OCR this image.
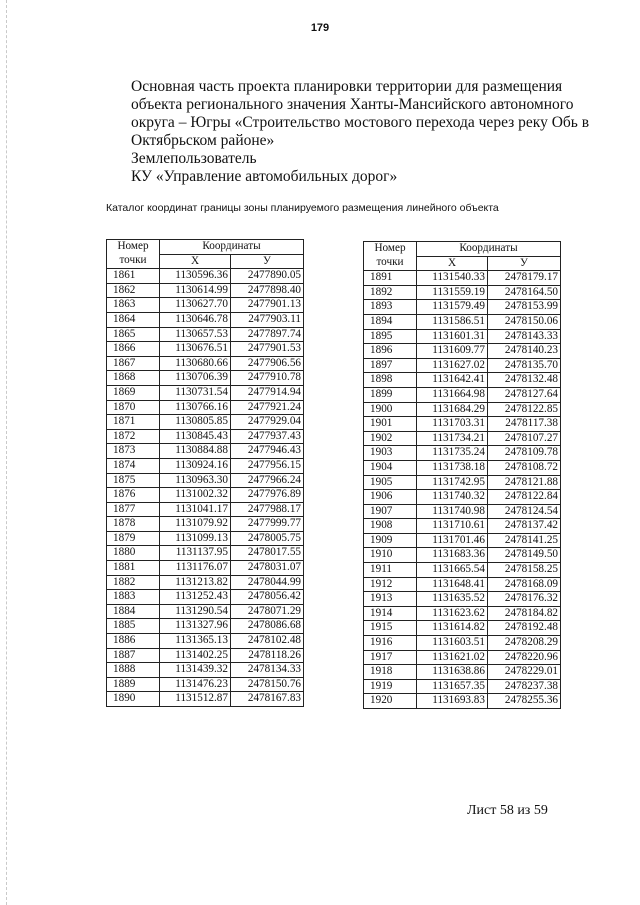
179
Основная часть проекта планировки территории для размещения
объекта регионального значения Ханты-Мансийского автономного
округа – Югры «Строительство мостового перехода через реку Обь в
Октябрьском районе»
Землепользователь
КУ «Управление автомобильных дорог»
Каталог координат границы зоны планируемого размещения линейного объекта
Номер
точки	Координаты	
	X	У
1861	1130596.36	2477890.05
1862	1130614.99	2477898.40
1863	1130627.70	2477901.13
1864	1130646.78	2477903.11
1865	1130657.53	2477897.74
1866	1130676.51	2477901.53
1867	1130680.66	2477906.56
1868	1130706.39	2477910.78
1869	1130731.54	2477914.94
1870	1130766.16	2477921.24
1871	1130805.85	2477929.04
1872	1130845.43	2477937.43
1873	1130884.88	2477946.43
1874	1130924.16	2477956.15
1875	1130963.30	2477966.24
1876	1131002.32	2477976.89
1877	1131041.17	2477988.17
1878	1131079.92	2477999.77
1879	1131099.13	2478005.75
1880	1131137.95	2478017.55
1881	1131176.07	2478031.07
1882	1131213.82	2478044.99
1883	1131252.43	2478056.42
1884	1131290.54	2478071.29
1885	1131327.96	2478086.68
1886	1131365.13	2478102.48
1887	1131402.25	2478118.26
1888	1131439.32	2478134.33
1889	1131476.23	2478150.76
1890	1131512.87	2478167.83
Номер
точки	Координаты	
	X	У
1891	1131540.33	2478179.17
1892	1131559.19	2478164.50
1893	1131579.49	2478153.99
1894	1131586.51	2478150.06
1895	1131601.31	2478143.33
1896	1131609.77	2478140.23
1897	1131627.02	2478135.70
1898	1131642.41	2478132.48
1899	1131664.98	2478127.64
1900	1131684.29	2478122.85
1901	1131703.31	2478117.38
1902	1131734.21	2478107.27
1903	1131735.24	2478109.78
1904	1131738.18	2478108.72
1905	1131742.95	2478121.88
1906	1131740.32	2478122.84
1907	1131740.98	2478124.54
1908	1131710.61	2478137.42
1909	1131701.46	2478141.25
1910	1131683.36	2478149.50
1911	1131665.54	2478158.25
1912	1131648.41	2478168.09
1913	1131635.52	2478176.32
1914	1131623.62	2478184.82
1915	1131614.82	2478192.48
1916	1131603.51	2478208.29
1917	1131621.02	2478220.96
1918	1131638.86	2478229.01
1919	1131657.35	2478237.38
1920	1131693.83	2478255.36
Лист 58 из 59
